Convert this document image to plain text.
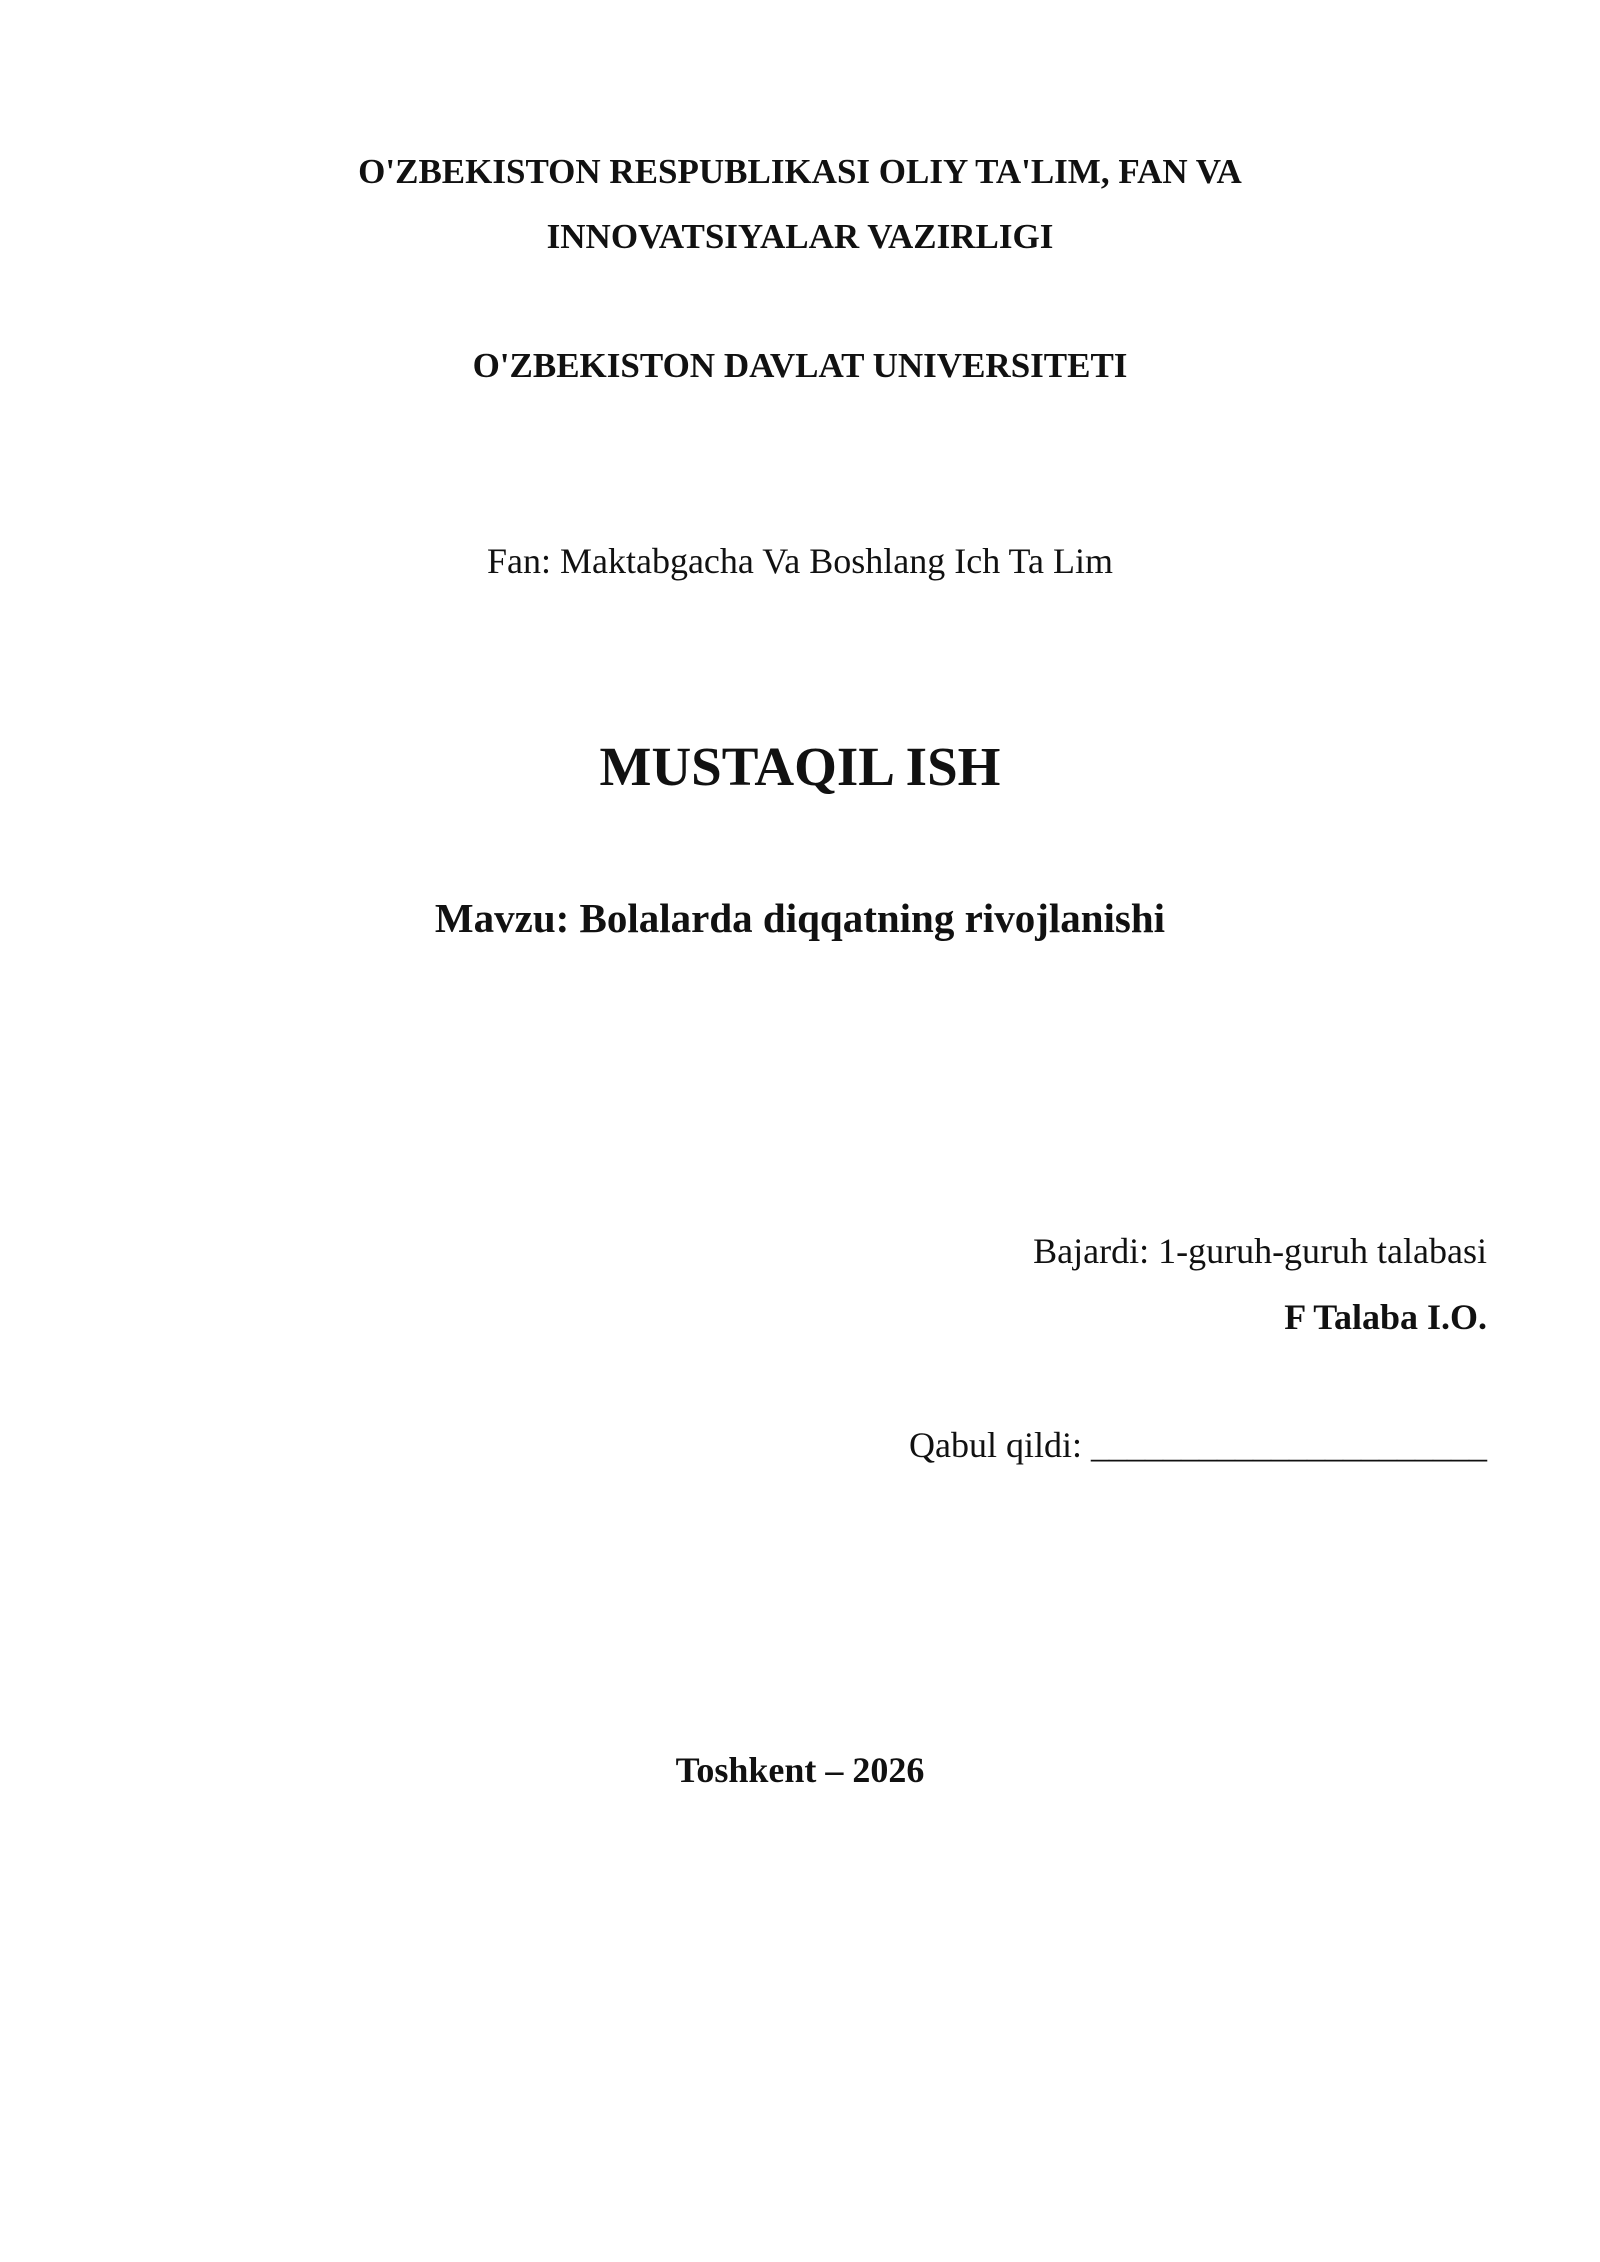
O'ZBEKISTON RESPUBLIKASI OLIY TA'LIM, FAN VA
INNOVATSIYALAR VAZIRLIGI
O'ZBEKISTON DAVLAT UNIVERSITETI
Fan: Maktabgacha Va Boshlang Ich Ta Lim
MUSTAQIL ISH
Mavzu: Bolalarda diqqatning rivojlanishi
Bajardi: 1-guruh-guruh talabasi
F Talaba I.O.
Qabul qildi: ______________________
Toshkent – 2026
